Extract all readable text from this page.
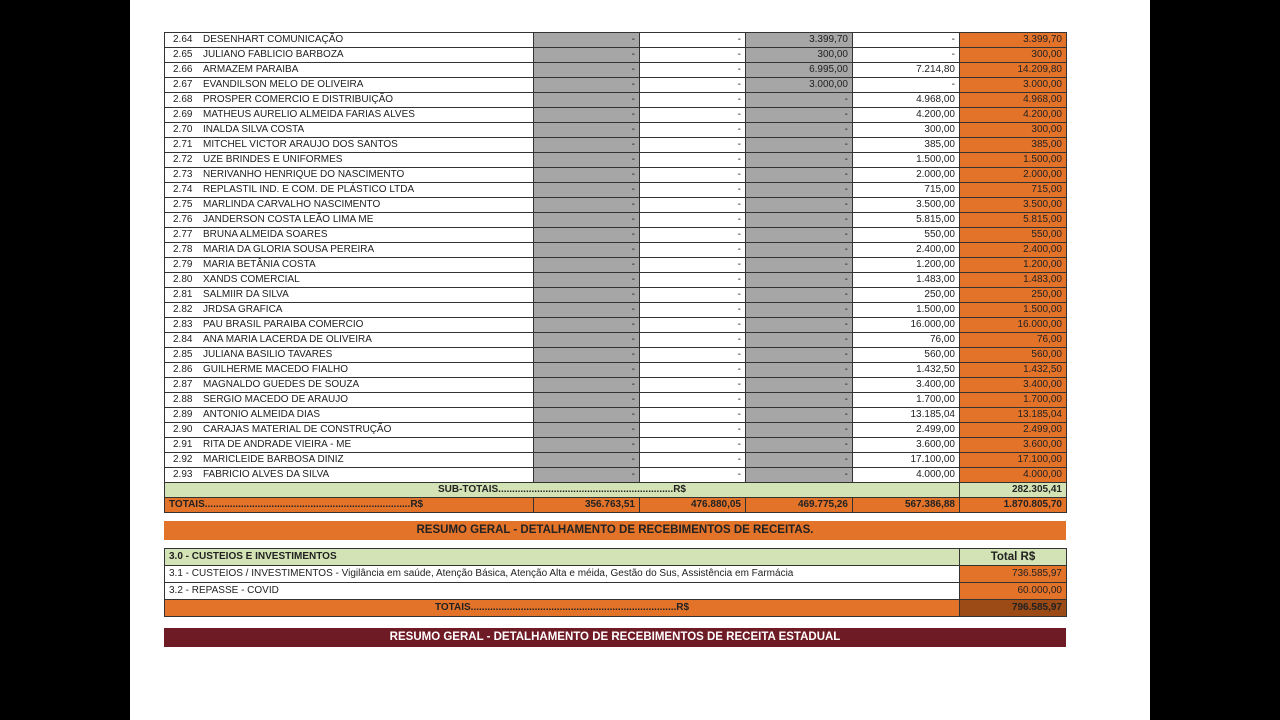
2.64 DESENHART COMUNICAÇÃO	-	-	3.399,70	-	3.399,70
2.65 JULIANO FABLICIO BARBOZA	-	-	300,00	-	300,00
2.66 ARMAZEM PARAIBA	-	-	6.995,00	7.214,80	14.209,80
2.67 EVANDILSON MELO DE OLIVEIRA	-	-	3.000,00	-	3.000,00
2.68 PROSPER COMERCIO E DISTRIBUIÇÃO	-	-	-	4.968,00	4.968,00
2.69 MATHEUS AURELIO ALMEIDA FARIAS ALVES	-	-	-	4.200,00	4.200,00
2.70 INALDA SILVA COSTA	-	-	-	300,00	300,00
2.71 MITCHEL VICTOR ARAUJO DOS SANTOS	-	-	-	385,00	385,00
2.72 UZE BRINDES E UNIFORMES	-	-	-	1.500,00	1.500,00
2.73 NERIVANHO HENRIQUE DO NASCIMENTO	-	-	-	2.000,00	2.000,00
2.74 REPLASTIL IND. E COM. DE PLÁSTICO LTDA	-	-	-	715,00	715,00
2.75 MARLINDA CARVALHO NASCIMENTO	-	-	-	3.500,00	3.500,00
2.76 JANDERSON COSTA LEÃO LIMA ME	-	-	-	5.815,00	5.815,00
2.77 BRUNA ALMEIDA SOARES	-	-	-	550,00	550,00
2.78 MARIA DA GLORIA SOUSA PEREIRA	-	-	-	2.400,00	2.400,00
2.79 MARIA BETÂNIA COSTA	-	-	-	1.200,00	1.200,00
2.80 XANDS COMERCIAL	-	-	-	1.483,00	1.483,00
2.81 SALMIIR DA SILVA	-	-	-	250,00	250,00
2.82 JRDSA GRAFICA	-	-	-	1.500,00	1.500,00
2.83 PAU BRASIL PARAIBA COMERCIO	-	-	-	16.000,00	16.000,00
2.84 ANA MARIA LACERDA DE OLIVEIRA	-	-	-	76,00	76,00
2.85 JULIANA BASILIO TAVARES	-	-	-	560,00	560,00
2.86 GUILHERME MACEDO FIALHO	-	-	-	1.432,50	1.432,50
2.87 MAGNALDO GUEDES DE SOUZA	-	-	-	3.400,00	3.400,00
2.88 SERGIO MACEDO DE ARAUJO	-	-	-	1.700,00	1.700,00
2.89 ANTONIO ALMEIDA DIAS	-	-	-	13.185,04	13.185,04
2.90 CARAJAS MATERIAL DE CONSTRUÇÃO	-	-	-	2.499,00	2.499,00
2.91 RITA DE ANDRADE VIEIRA - ME	-	-	-	3.600,00	3.600,00
2.92 MARICLEIDE BARBOSA DINIZ	-	-	-	17.100,00	17.100,00
2.93 FABRICIO ALVES DA SILVA	-	-	-	4.000,00	4.000,00
SUB-TOTAIS...............................................................R$					282.305,41
TOTAIS..........................................................................R$	356.763,51	476.880,05	469.775,26	567.386,88	1.870.805,70
RESUMO GERAL - DETALHAMENTO DE RECEBIMENTOS DE RECEITAS.
3.0 - CUSTEIOS E INVESTIMENTOS	Total R$
3.1 - CUSTEIOS / INVESTIMENTOS - Vigilância em saúde, Atenção Básica, Atenção Alta e méida, Gestão do Sus, Assistência em Farmácia	736.585,97
3.2 - REPASSE - COVID	60.000,00
TOTAIS..........................................................................R$	796.585,97
RESUMO GERAL - DETALHAMENTO DE RECEBIMENTOS DE RECEITA ESTADUAL
